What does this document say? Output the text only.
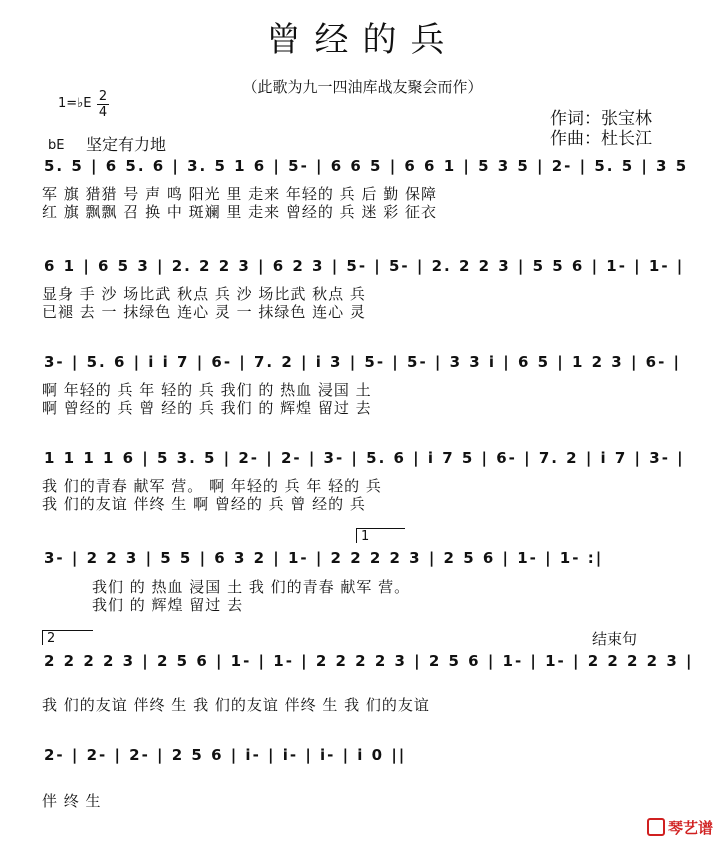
曾经的兵
（此歌为九一四油库战友聚会而作）
1=♭E 2
4	作词：张宝林
作曲：杜长江
bE 坚定有力地
5. 5 | 6 5. 6 | 3. 5 1 6 | 5- | 6 6 5 | 6 6 1 | 5 3 5 | 2- | 5. 5 | 3 5
军 旗 猎猎 号 声 鸣 阳光 里 走来 年轻的 兵 后 勤 保障
红 旗 飘飘 召 换 中 斑斓 里 走来 曾经的 兵 迷 彩 征衣
6 1 | 6 5 3 | 2. 2 2 3 | 6 2 3 | 5- | 5- | 2. 2 2 3 | 5 5 6 | 1- | 1- |
显身 手 沙 场比武 秋点 兵 沙 场比武 秋点 兵
已褪 去 一 抹绿色 连心 灵 一 抹绿色 连心 灵
3- | 5. 6 | i i 7 | 6- | 7. 2 | i 3 | 5- | 5- | 3 3 i | 6 5 | 1 2 3 | 6- |
啊 年轻的 兵 年 轻的 兵 我们 的 热血 浸国 土
啊 曾经的 兵 曾 经的 兵 我们 的 辉煌 留过 去
1 1 1 1 6 | 5 3. 5 | 2- | 2- | 3- | 5. 6 | i 7 5 | 6- | 7. 2 | i 7 | 3- |
我 们的青春 献军 营。 啊 年轻的 兵 年 轻的 兵
我 们的友谊 伴终 生 啊 曾经的 兵 曾 经的 兵
1
3- | 2 2 3 | 5 5 | 6 3 2 | 1- | 2 2 2 2 3 | 2 5 6 | 1- | 1- :|
我们 的 热血 浸国 土 我 们的青春 献军 营。
我们 的 辉煌 留过 去
2	结束句
2 2 2 2 3 | 2 5 6 | 1- | 1- | 2 2 2 2 3 | 2 5 6 | 1- | 1- | 2 2 2 2 3 |
我 们的友谊 伴终 生 我 们的友谊 伴终 生 我 们的友谊
2- | 2- | 2- | 2 5 6 | i- | i- | i- | i 0 ||
伴 终 生
琴艺谱
